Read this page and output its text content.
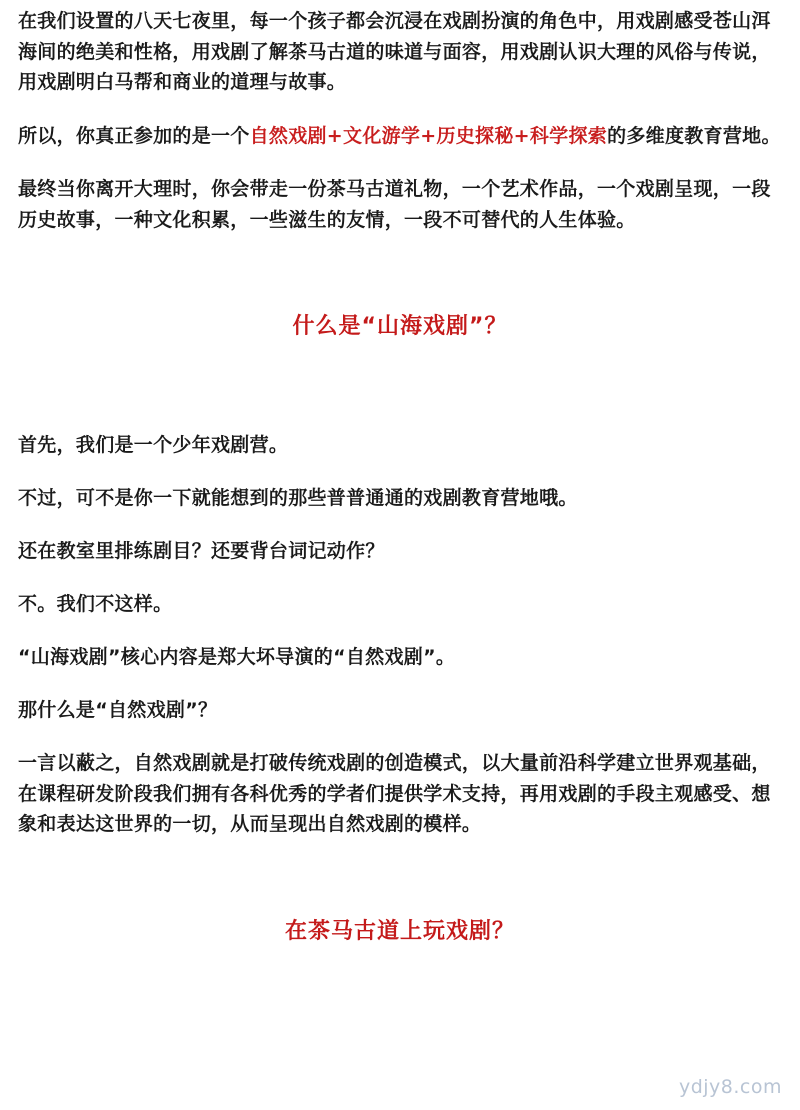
在我们设置的八天七夜里，每一个孩子都会沉浸在戏剧扮演的角色中，用戏剧感受苍山洱海间的绝美和性格，用戏剧了解茶马古道的味道与面容，用戏剧认识大理的风俗与传说，用戏剧明白马帮和商业的道理与故事。

所以，你真正参加的是一个自然戏剧+文化游学+历史探秘+科学探索的多维度教育营地。

最终当你离开大理时，你会带走一份茶马古道礼物，一个艺术作品，一个戏剧呈现，一段历史故事，一种文化积累，一些滋生的友情，一段不可替代的人生体验。

什么是“山海戏剧”？

首先，我们是一个少年戏剧营。

不过，可不是你一下就能想到的那些普普通通的戏剧教育营地哦。

还在教室里排练剧目？还要背台词记动作？

不。我们不这样。

“山海戏剧”核心内容是郑大坏导演的“自然戏剧”。

那什么是“自然戏剧”？

一言以蔽之，自然戏剧就是打破传统戏剧的创造模式，以大量前沿科学建立世界观基础，在课程研发阶段我们拥有各科优秀的学者们提供学术支持，再用戏剧的手段主观感受、想象和表达这世界的一切，从而呈现出自然戏剧的模样。

在茶马古道上玩戏剧？
ydjy8.com
